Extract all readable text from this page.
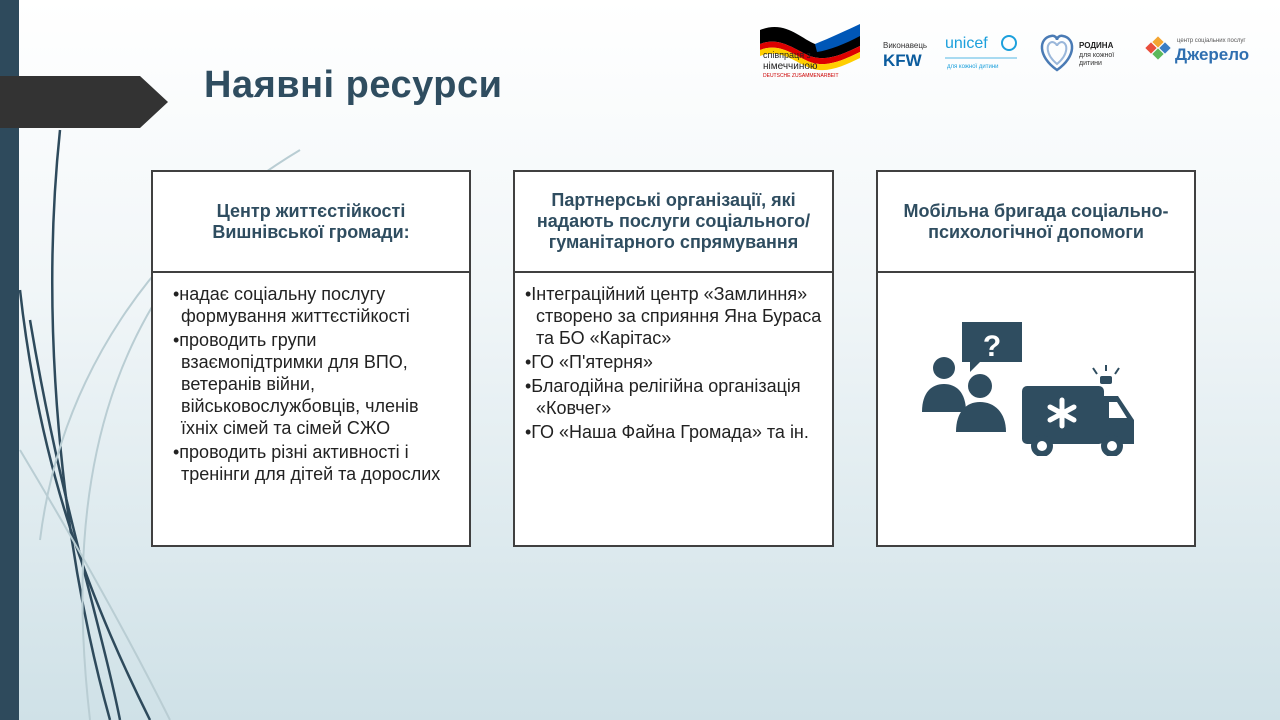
Наявні ресурси
співпраця з
німеччиною
DEUTSCHE ZUSAMMENARBEIT
Виконавець
KFW
unicef
для кожної дитини
РОДИНА
для кожної
дитини
центр соціальних послуг
Джерело
Центр життєстійкості Вишнівської громади:
•надає соціальну послугу формування життєстійкості
•проводить групи взаємопідтримки для ВПО, ветеранів війни, військовослужбовців, членів їхніх сімей та сімей СЖО
•проводить різні активності і тренінги для дітей та дорослих
Партнерські організації, які надають послуги соціального/гуманітарного спрямування
•Інтеграційний центр «Замлиння» створено за сприяння Яна Бураса та БО «Карітас»
•ГО «П'ятерня»
•Благодійна релігійна організація «Ковчег»
•ГО «Наша Файна Громада» та ін.
Мобільна бригада соціально-психологічної допомоги
?
